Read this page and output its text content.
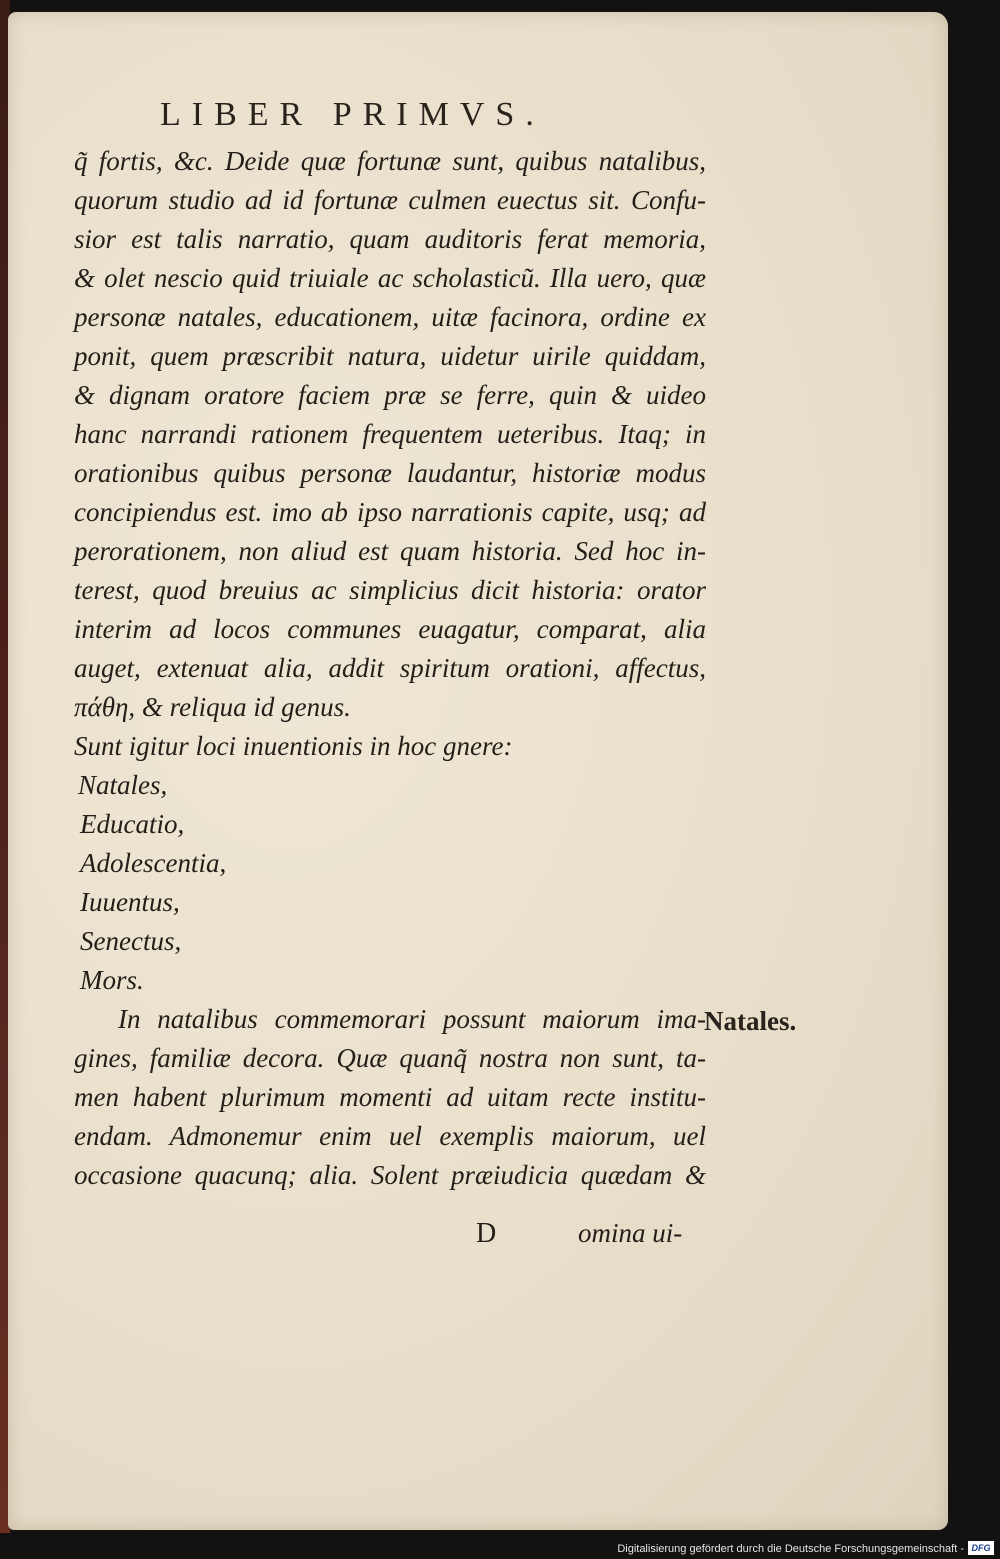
LIBER PRIMVS.
q̃ fortis, &c. Deide quæ fortunæ sunt, quibus natalibus,
quorum studio ad id fortunæ culmen euectus sit. Confu-
sior est talis narratio, quam auditoris ferat memoria,
& olet nescio quid triuiale ac scholasticũ. Illa uero, quæ
personæ natales, educationem, uitæ facinora, ordine ex
ponit, quem præscribit natura, uidetur uirile quiddam,
& dignam oratore faciem præ se ferre, quin & uideo
hanc narrandi rationem frequentem ueteribus. Itaq; in
orationibus quibus personæ laudantur, historiæ modus
concipiendus est. imo ab ipso narrationis capite, usq; ad
perorationem, non aliud est quam historia. Sed hoc in-
terest, quod breuius ac simplicius dicit historia: orator
interim ad locos communes euagatur, comparat, alia
auget, extenuat alia, addit spiritum orationi, affectus,
πάθη, & reliqua id genus.
Sunt igitur loci inuentionis in hoc gnere:
Natales,
Educatio,
Adolescentia,
Iuuentus,
Senectus,
Mors.
In natalibus commemorari possunt maiorum ima-
gines, familiæ decora. Quæ quanq̃ nostra non sunt, ta-
men habent plurimum momenti ad uitam recte institu-
endam. Admonemur enim uel exemplis maiorum, uel
occasione quacunq; alia. Solent præiudicia quædam &

Natales.

D	omina ui-

Digitalisierung gefördert durch die Deutsche Forschungsgemeinschaft - DFG
